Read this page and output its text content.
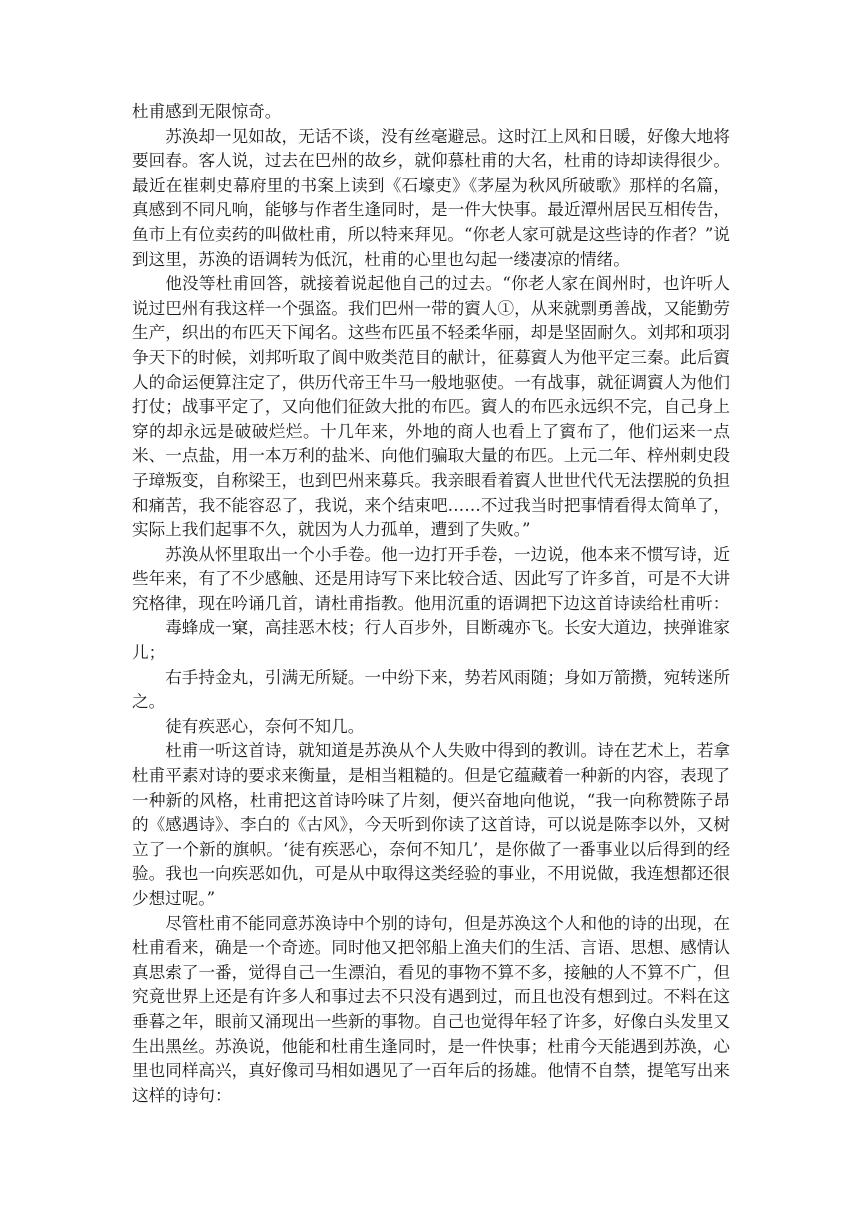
杜甫感到无限惊奇。

苏涣却一见如故，无话不谈，没有丝毫避忌。这时江上风和日暖，好像大地将要回春。客人说，过去在巴州的故乡，就仰慕杜甫的大名，杜甫的诗却读得很少。最近在崔刺史幕府里的书案上读到《石壕吏》《茅屋为秋风所破歌》那样的名篇，真感到不同凡响，能够与作者生逢同时，是一件大快事。最近潭州居民互相传告，鱼市上有位卖药的叫做杜甫，所以特来拜见。“你老人家可就是这些诗的作者？”说到这里，苏涣的语调转为低沉，杜甫的心里也勾起一缕凄凉的情绪。

他没等杜甫回答，就接着说起他自己的过去。“你老人家在阆州时，也许听人说过巴州有我这样一个强盗。我们巴州一带的賨人①，从来就剽勇善战，又能勤劳生产，织出的布匹天下闻名。这些布匹虽不轻柔华丽，却是坚固耐久。刘邦和项羽争天下的时候，刘邦听取了阆中败类范目的献计，征募賨人为他平定三秦。此后賨人的命运便算注定了，供历代帝王牛马一般地驱使。一有战事，就征调賨人为他们打仗；战事平定了，又向他们征敛大批的布匹。賨人的布匹永远织不完，自己身上穿的却永远是破破烂烂。十几年来，外地的商人也看上了賨布了，他们运来一点米、一点盐，用一本万利的盐米、向他们骗取大量的布匹。上元二年、梓州刺史段子璋叛变，自称梁王，也到巴州来募兵。我亲眼看着賨人世世代代无法摆脱的负担和痛苦，我不能容忍了，我说，来个结束吧……不过我当时把事情看得太简单了，实际上我们起事不久，就因为人力孤单，遭到了失败。”

苏涣从怀里取出一个小手卷。他一边打开手卷，一边说，他本来不惯写诗，近些年来，有了不少感触、还是用诗写下来比较合适、因此写了许多首，可是不大讲究格律，现在吟诵几首，请杜甫指教。他用沉重的语调把下边这首诗读给杜甫听：

毒蜂成一窠，高挂恶木枝；行人百步外，目断魂亦飞。长安大道边，挟弹谁家儿；

右手持金丸，引满无所疑。一中纷下来，势若风雨随；身如万箭攒，宛转迷所之。

徒有疾恶心，奈何不知几。

杜甫一听这首诗，就知道是苏涣从个人失败中得到的教训。诗在艺术上，若拿杜甫平素对诗的要求来衡量，是相当粗糙的。但是它蕴藏着一种新的内容，表现了一种新的风格，杜甫把这首诗吟味了片刻，便兴奋地向他说，“我一向称赞陈子昂的《感遇诗》、李白的《古风》，今天听到你读了这首诗，可以说是陈李以外，又树立了一个新的旗帜。‘徒有疾恶心，奈何不知几’，是你做了一番事业以后得到的经验。我也一向疾恶如仇，可是从中取得这类经验的事业，不用说做，我连想都还很少想过呢。”

尽管杜甫不能同意苏涣诗中个别的诗句，但是苏涣这个人和他的诗的出现，在杜甫看来，确是一个奇迹。同时他又把邻船上渔夫们的生活、言语、思想、感情认真思索了一番，觉得自己一生漂泊，看见的事物不算不多，接触的人不算不广，但究竟世界上还是有许多人和事过去不只没有遇到过，而且也没有想到过。不料在这垂暮之年，眼前又涌现出一些新的事物。自己也觉得年轻了许多，好像白头发里又生出黑丝。苏涣说，他能和杜甫生逢同时，是一件快事；杜甫今天能遇到苏涣，心里也同样高兴，真好像司马相如遇见了一百年后的扬雄。他情不自禁，提笔写出来这样的诗句：
